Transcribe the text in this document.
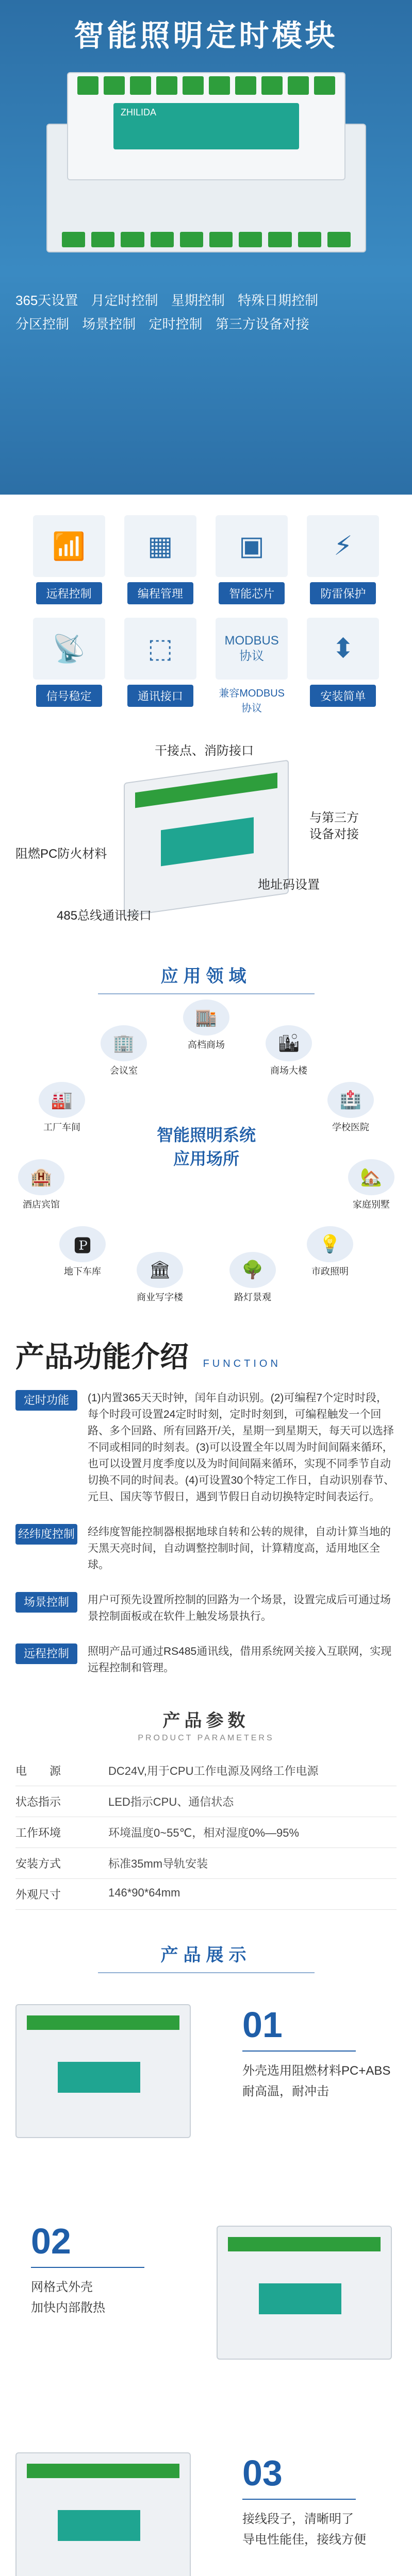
智能照明定时模块
ZHILIDA
365天设置 月定时控制 星期控制 特殊日期控制
分区控制 场景控制 定时控制 第三方设备对接
📶
远程控制
▦
编程管理
▣
智能芯片
⚡
防雷保护
📡
信号稳定
⬚
通讯接口
MODBUS
协议
兼容MODBUS协议
⬍
安装简单
干接点、消防接口
与第三方
设备对接
阻燃PC防火材料
地址码设置
485总线通讯接口
应用领域
智能照明系统
应用场所
🏬
高档商场
🏢
会议室
🏙
商场大楼
🏭
工厂车间
🏥
学校医院
🏨
酒店宾馆
🏡
家庭别墅
🅿
地下车库
💡
市政照明
🏛
商业写字楼
🌳
路灯景观
产品功能介绍 FUNCTION
定时功能	(1)内置365天天时钟，闰年自动识别。(2)可编程7个定时时段，每个时段可设置24定时时刻，定时时刻到，可编程触发一个回路、多个回路、所有回路开/关，星期一到星期天，每天可以选择不同或相同的时刻表。(3)可以设置全年以周为时间间隔来循环，也可以设置月度季度以及为时间间隔来循环，实现不同季节自动切换不同的时间表。(4)可设置30个特定工作日，自动识别春节、元旦、国庆等节假日，遇到节假日自动切换特定时间表运行。
经纬度控制 经纬度智能控制器根据地球自转和公转的规律，自动计算当地的天黑天亮时间，自动调整控制时间，计算精度高，适用地区全球。
场景控制	用户可预先设置所控制的回路为一个场景，设置完成后可通过场景控制面板或在软件上触发场景执行。
远程控制	照明产品可通过RS485通讯线，借用系统网关接入互联网，实现远程控制和管理。
产品参数

PRODUCT PARAMETERS

电　　源	DC24V,用于CPU工作电源及网络工作电源
状态指示	LED指示CPU、通信状态
工作环境	环境温度0~55℃，相对湿度0%—95%
安装方式	标准35mm导轨安装
外观尺寸	146*90*64mm
产品展示
01
外壳选用阻燃材料PC+ABS
耐高温，耐冲击
02
网格式外壳
加快内部散热
03
接线段子，清晰明了
导电性能佳，接线方便
